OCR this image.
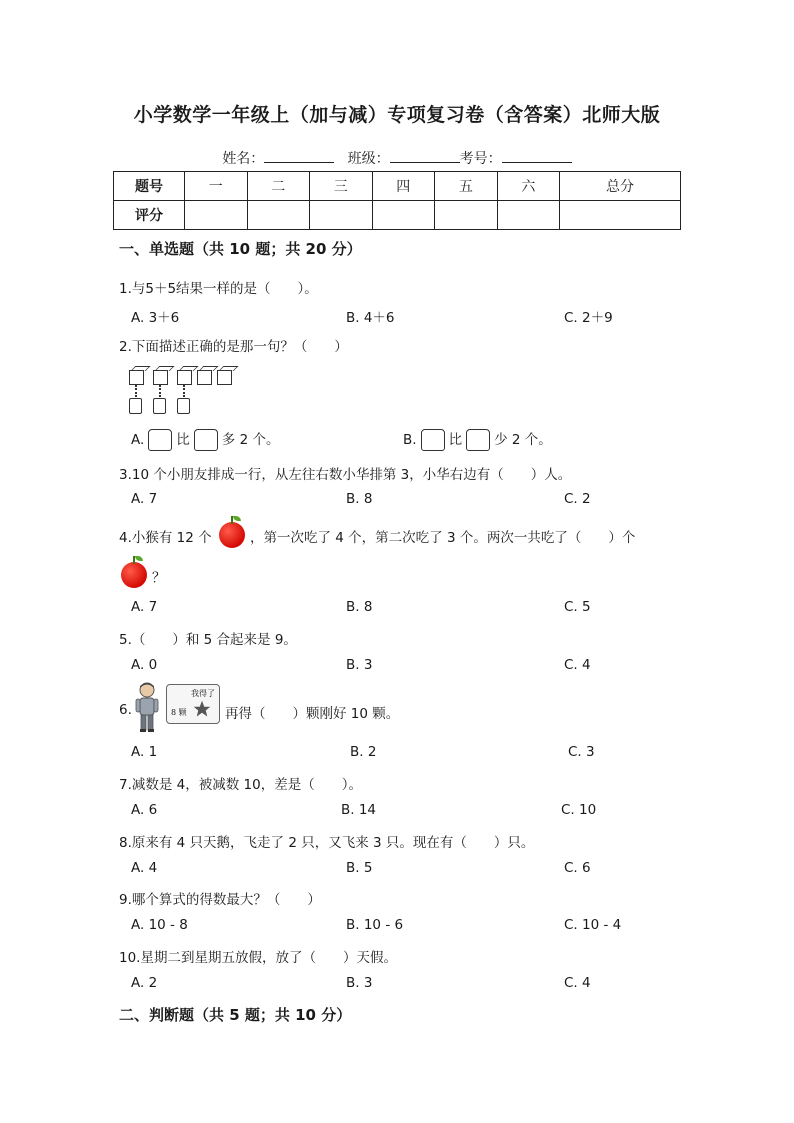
小学数学一年级上（加与减）专项复习卷（含答案）北师大版
姓名：	班级：	考号：
题号	一	二	三	四	五	六	总分
评分							
一、单选题（共 10 题；共 20 分）
1.与5＋5结果一样的是（　　）。
A. 3＋6	B. 4＋6	C. 2＋9
2.下面描述正确的是那一句？（　　）
A. 比 多 2 个。	B. 比 少 2 个。
3.10 个小朋友排成一行，从左往右数小华排第 3，小华右边有（　　）人。
A. 7	B. 8	C. 2
4.小猴有 12 个	，第一次吃了 4 个，第二次吃了 3 个。两次一共吃了（　　）个
？
A. 7	B. 8	C. 5
5.（　　）和 5 合起来是 9。
A. 0	B. 3	C. 4
6.
我得了
8 颗	再得（　　）颗刚好 10 颗。
A. 1	B. 2	C. 3
7.减数是 4，被减数 10，差是（　　）。
A. 6	B. 14	C. 10
8.原来有 4 只天鹅，飞走了 2 只，又飞来 3 只。现在有（　　）只。
A. 4	B. 5	C. 6
9.哪个算式的得数最大？（　　）
A. 10 - 8	B. 10 - 6	C. 10 - 4
10.星期二到星期五放假，放了（　　）天假。
A. 2	B. 3	C. 4
二、判断题（共 5 题；共 10 分）
